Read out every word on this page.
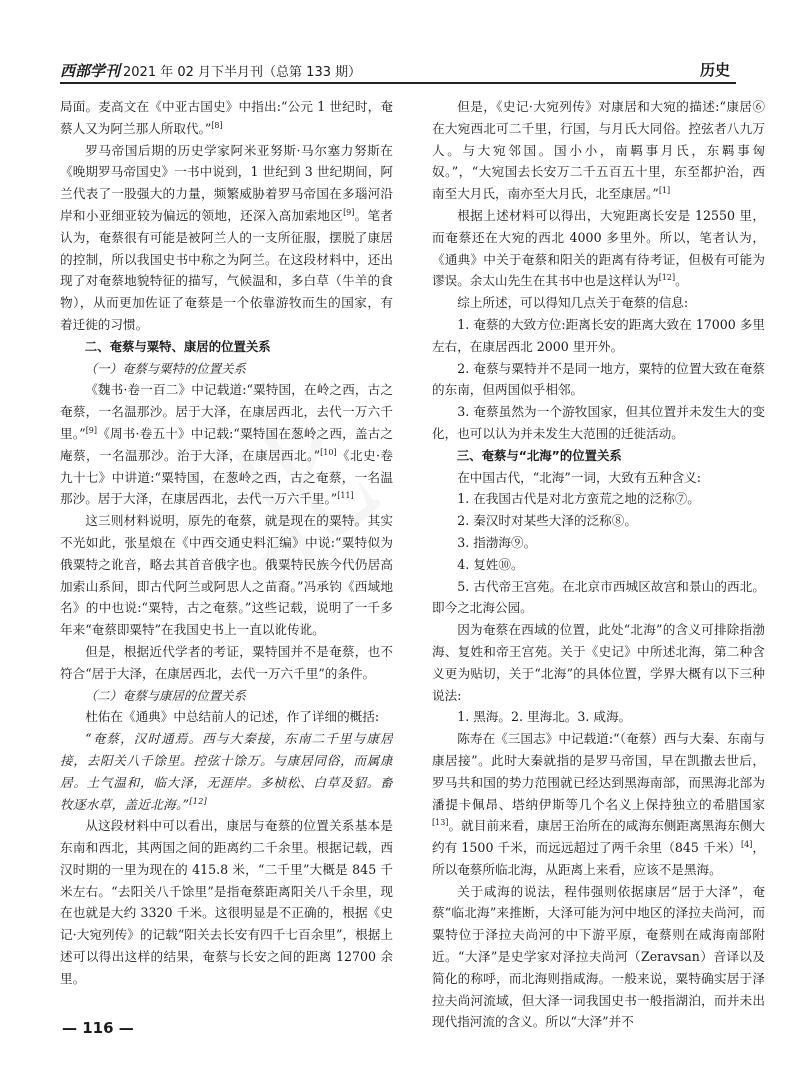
西部学刊 2021 年 02 月下半月刊（总第 133 期）	历史

局面。麦高文在《中亚古国史》中指出:“公元 1 世纪时，奄蔡人又为阿兰那人所取代。”[8]

罗马帝国后期的历史学家阿米亚努斯·马尔塞力努斯在《晚期罗马帝国史》一书中说到，1 世纪到 3 世纪期间，阿兰代表了一股强大的力量，频繁威胁着罗马帝国在多瑙河沿岸和小亚细亚较为偏远的领地，还深入高加索地区[9]。笔者认为，奄蔡很有可能是被阿兰人的一支所征服，摆脱了康居的控制，所以我国史书中称之为阿兰。在这段材料中，还出现了对奄蔡地貌特征的描写，气候温和，多白草（牛羊的食物），从而更加佐证了奄蔡是一个依靠游牧而生的国家，有着迁徙的习惯。

二、奄蔡与粟特、康居的位置关系

（一）奄蔡与粟特的位置关系

《魏书·卷一百二》中记载道:“粟特国，在岭之西，古之奄蔡，一名温那沙。居于大泽，在康居西北，去代一万六千里。”[9]《周书·卷五十》中记载:“粟特国在葱岭之西，盖古之庵蔡，一名温那沙。治于大泽，在康居西北。”[10]《北史·卷九十七》中讲道:“粟特国，在葱岭之西，古之奄蔡，一名温那沙。居于大泽，在康居西北，去代一万六千里。”[11]

这三则材料说明，原先的奄蔡，就是现在的粟特。其实不光如此，张星烺在《中西交通史料汇编》中说:“粟特似为俄粟特之讹音，略去其首音俄字也。俄粟特民族今代仍居高加索山系间，即古代阿兰或阿思人之苗裔。”冯承钧《西域地名》的中也说:“粟特，古之奄蔡。”这些记载，说明了一千多年来“奄蔡即粟特”在我国史书上一直以讹传讹。

但是，根据近代学者的考证，粟特国并不是奄蔡，也不符合“居于大泽，在康居西北，去代一万六千里”的条件。

（二）奄蔡与康居的位置关系

杜佑在《通典》中总结前人的记述，作了详细的概括:

“奄蔡，汉时通焉。西与大秦接，东南二千里与康居接，去阳关八千馀里。控弦十馀万。与康居同俗，而属康居。土气温和，临大泽，无涯岸。多桢松、白草及貂。畜牧逐水草，盖近北海。”[12]

从这段材料中可以看出，康居与奄蔡的位置关系基本是东南和西北，其两国之间的距离约二千余里。根据记载，西汉时期的一里为现在的 415.8 米，“二千里”大概是 845 千米左右。“去阳关八千馀里”是指奄蔡距离阳关八千余里，现在也就是大约 3320 千米。这很明显是不正确的，根据《史记·大宛列传》的记载“阳关去长安有四千七百余里”，根据上述可以得出这样的结果，奄蔡与长安之间的距离 12700 余里。

但是，《史记·大宛列传》对康居和大宛的描述:“康居⑥在大宛西北可二千里，行国，与月氏大同俗。控弦者八九万人。与大宛邻国。国小小，南羁事月氏，东羁事匈奴。”，“大宛国去长安万二千五百五十里，东至都护治，西南至大月氏，南亦至大月氏，北至康居。”[1]

根据上述材料可以得出，大宛距离长安是 12550 里，而奄蔡还在大宛的西北 4000 多里外。所以，笔者认为，《通典》中关于奄蔡和阳关的距离有待考证，但极有可能为谬误。余太山先生在其书中也是这样认为[12]。

综上所述，可以得知几点关于奄蔡的信息:

1. 奄蔡的大致方位:距离长安的距离大致在 17000 多里左右，在康居西北 2000 里开外。

2. 奄蔡与粟特并不是同一地方，粟特的位置大致在奄蔡的东南，但两国似乎相邻。

3. 奄蔡虽然为一个游牧国家，但其位置并未发生大的变化，也可以认为并未发生大范围的迁徙活动。

三、奄蔡与“北海”的位置关系

在中国古代，“北海”一词，大致有五种含义:

1. 在我国古代是对北方蛮荒之地的泛称⑦。

2. 秦汉时对某些大泽的泛称⑧。

3. 指渤海⑨。

4. 复姓⑩。

5. 古代帝王宫苑。在北京市西城区故宫和景山的西北。即今之北海公园。

因为奄蔡在西域的位置，此处“北海”的含义可排除指渤海、复姓和帝王宫苑。关于《史记》中所述北海，第二种含义更为贴切，关于“北海”的具体位置，学界大概有以下三种说法:

1. 黑海。2. 里海北。3. 咸海。

陈寿在《三国志》中记载道:“（奄蔡）西与大秦、东南与康居接”。此时大秦就指的是罗马帝国，早在凯撒去世后，罗马共和国的势力范围就已经达到黑海南部，而黑海北部为潘提卡佩昂、塔纳伊斯等几个名义上保持独立的希腊国家[13]。就目前来看，康居王治所在的咸海东侧距离黑海东侧大约有 1500 千米，而远远超过了两千余里（845 千米）[4]，所以奄蔡所临北海，从距离上来看，应该不是黑海。

关于咸海的说法，程伟强则依据康居“居于大泽”，奄蔡“临北海”来推断，大泽可能为河中地区的泽拉夫尚河，而粟特位于泽拉夫尚河的中下游平原，奄蔡则在咸海南部附近。“大泽”是史学家对泽拉夫尚河（Zeravsan）音译以及简化的称呼，而北海则指咸海。一般来说，粟特确实居于泽拉夫尚河流域，但大泽一词我国史书一般指湖泊，而并未出现代指河流的含义。所以“大泽”并不

— 116 —
